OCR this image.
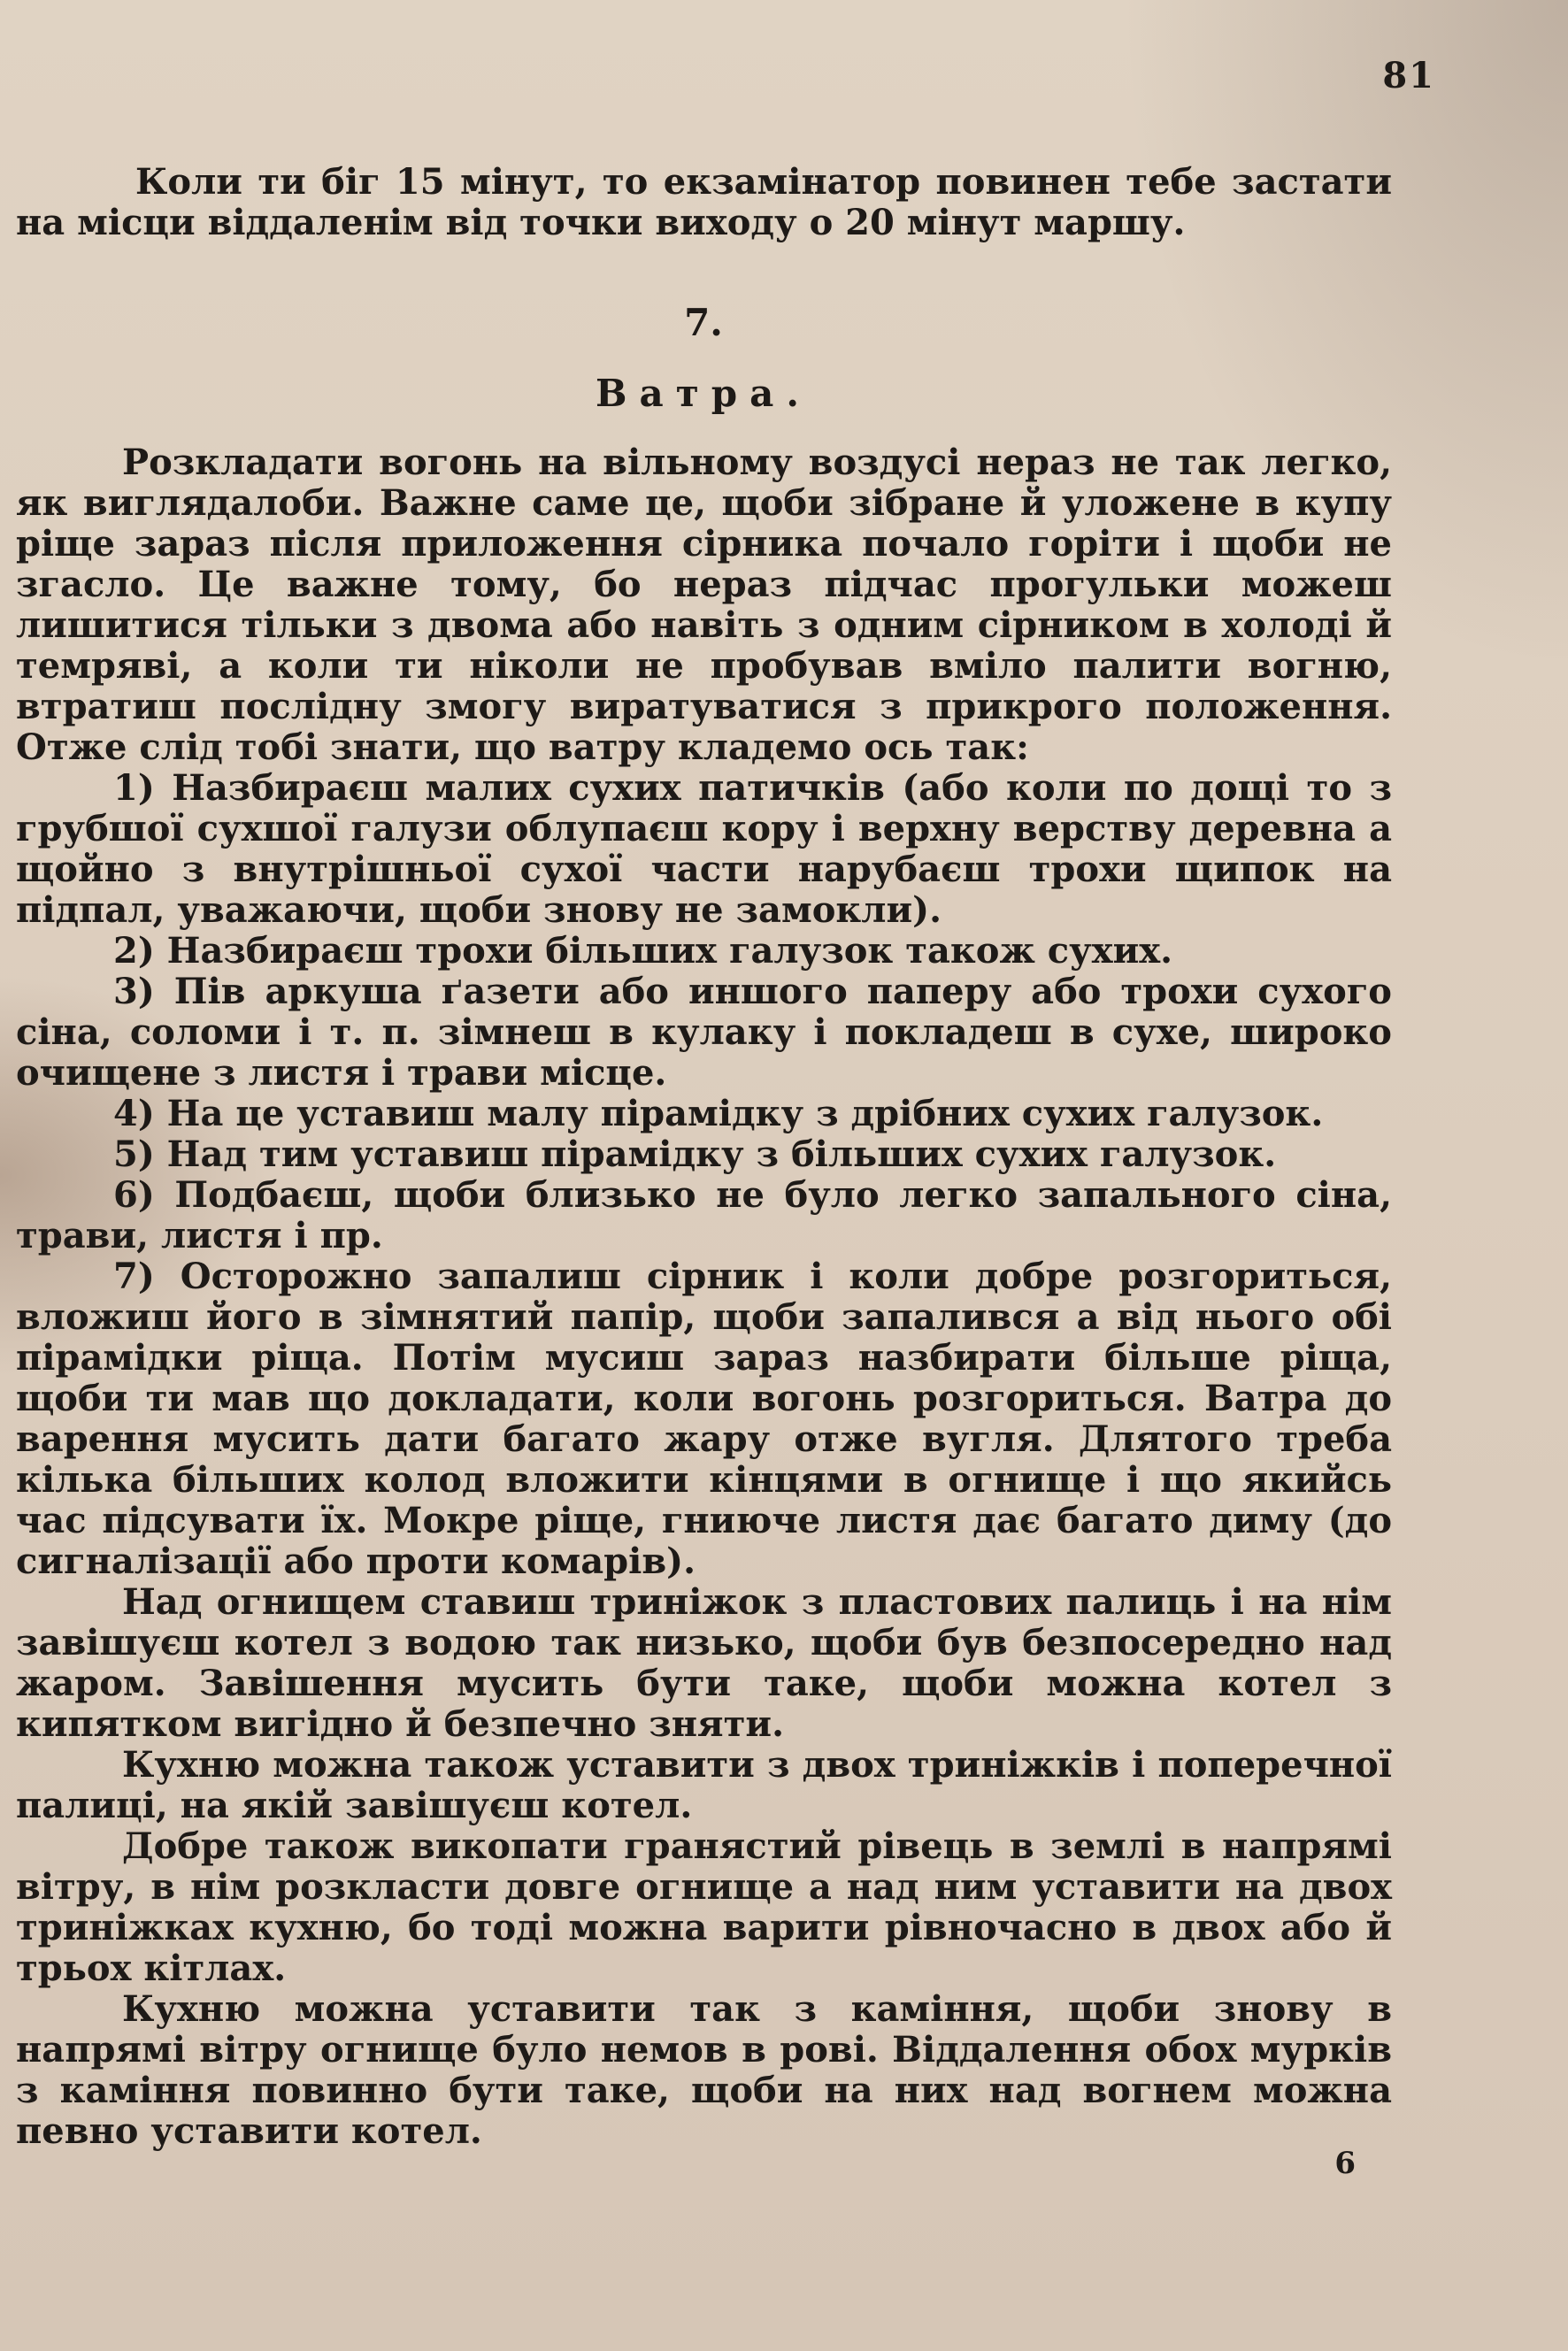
81

Коли ти біг 15 мінут, то екзамінатор повинен тебе застати на місци віддаленім від точки виходу о 20 мінут маршу.

7.
Ватра.

Розкладати вогонь на вільному воздусі нераз не так легко, як виглядалоби. Важне саме це, щоби зібране й уложене в купу ріще зараз після приложення сірника почало горіти і щоби не згасло. Це важне тому, бо нераз підчас прогульки можеш лишитися тільки з двома або навіть з одним сірником в холоді й темряві, а коли ти ніколи не пробував вміло палити вогню, втратиш послідну змогу виратуватися з прикрого положення. Отже слід тобі знати, що ватру кладемо ось так:

1) Назбираєш малих сухих патичків (або коли по дощі то з грубшої сухшої галузи облупаєш кору і верхну верству деревна а щойно з внутрішньої сухої части нарубаєш трохи щипок на підпал, уважаючи, щоби знову не замокли).

2) Назбираєш трохи більших галузок також сухих.

3) Пів аркуша ґазети або иншого паперу або трохи сухого сіна, соломи і т. п. зімнеш в кулаку і покладеш в сухе, широко очищене з листя і трави місце.

4) На це уставиш малу пірамідку з дрібних сухих галузок.

5) Над тим уставиш пірамідку з більших сухих галузок.

6) Подбаєш, щоби близько не було легко запального сіна, трави, листя і пр.

7) Осторожно запалиш сірник і коли добре розгориться, вложиш його в зімнятий папір, щоби запалився а від нього обі пірамідки ріща. Потім мусиш зараз назбирати більше ріща, щоби ти мав що докладати, коли вогонь розгориться. Ватра до варення мусить дати багато жару отже вугля. Длятого треба кілька більших колод вложити кінцями в огнище і що якийсь час підсувати їх. Мокре ріще, гниюче листя дає багато диму (до сигналізації або проти комарів).

Над огнищем ставиш триніжок з пластових палиць і на нім завішуєш котел з водою так низько, щоби був безпосередно над жаром. Завішення мусить бути таке, щоби можна котел з кипятком вигідно й безпечно зняти.

Кухню можна також уставити з двох триніжків і поперечної палиці, на якій завішуєш котел.

Добре також викопати гранястий рівець в землі в напрямі вітру, в нім розкласти довге огнище а над ним уставити на двох триніжках кухню, бо тоді можна варити рівночасно в двох або й трьох кітлах.

Кухню можна уставити так з каміння, щоби знову в напрямі вітру огнище було немов в рові. Віддалення обох мурків з каміння повинно бути таке, щоби на них над вогнем можна певно уставити котел.

6
